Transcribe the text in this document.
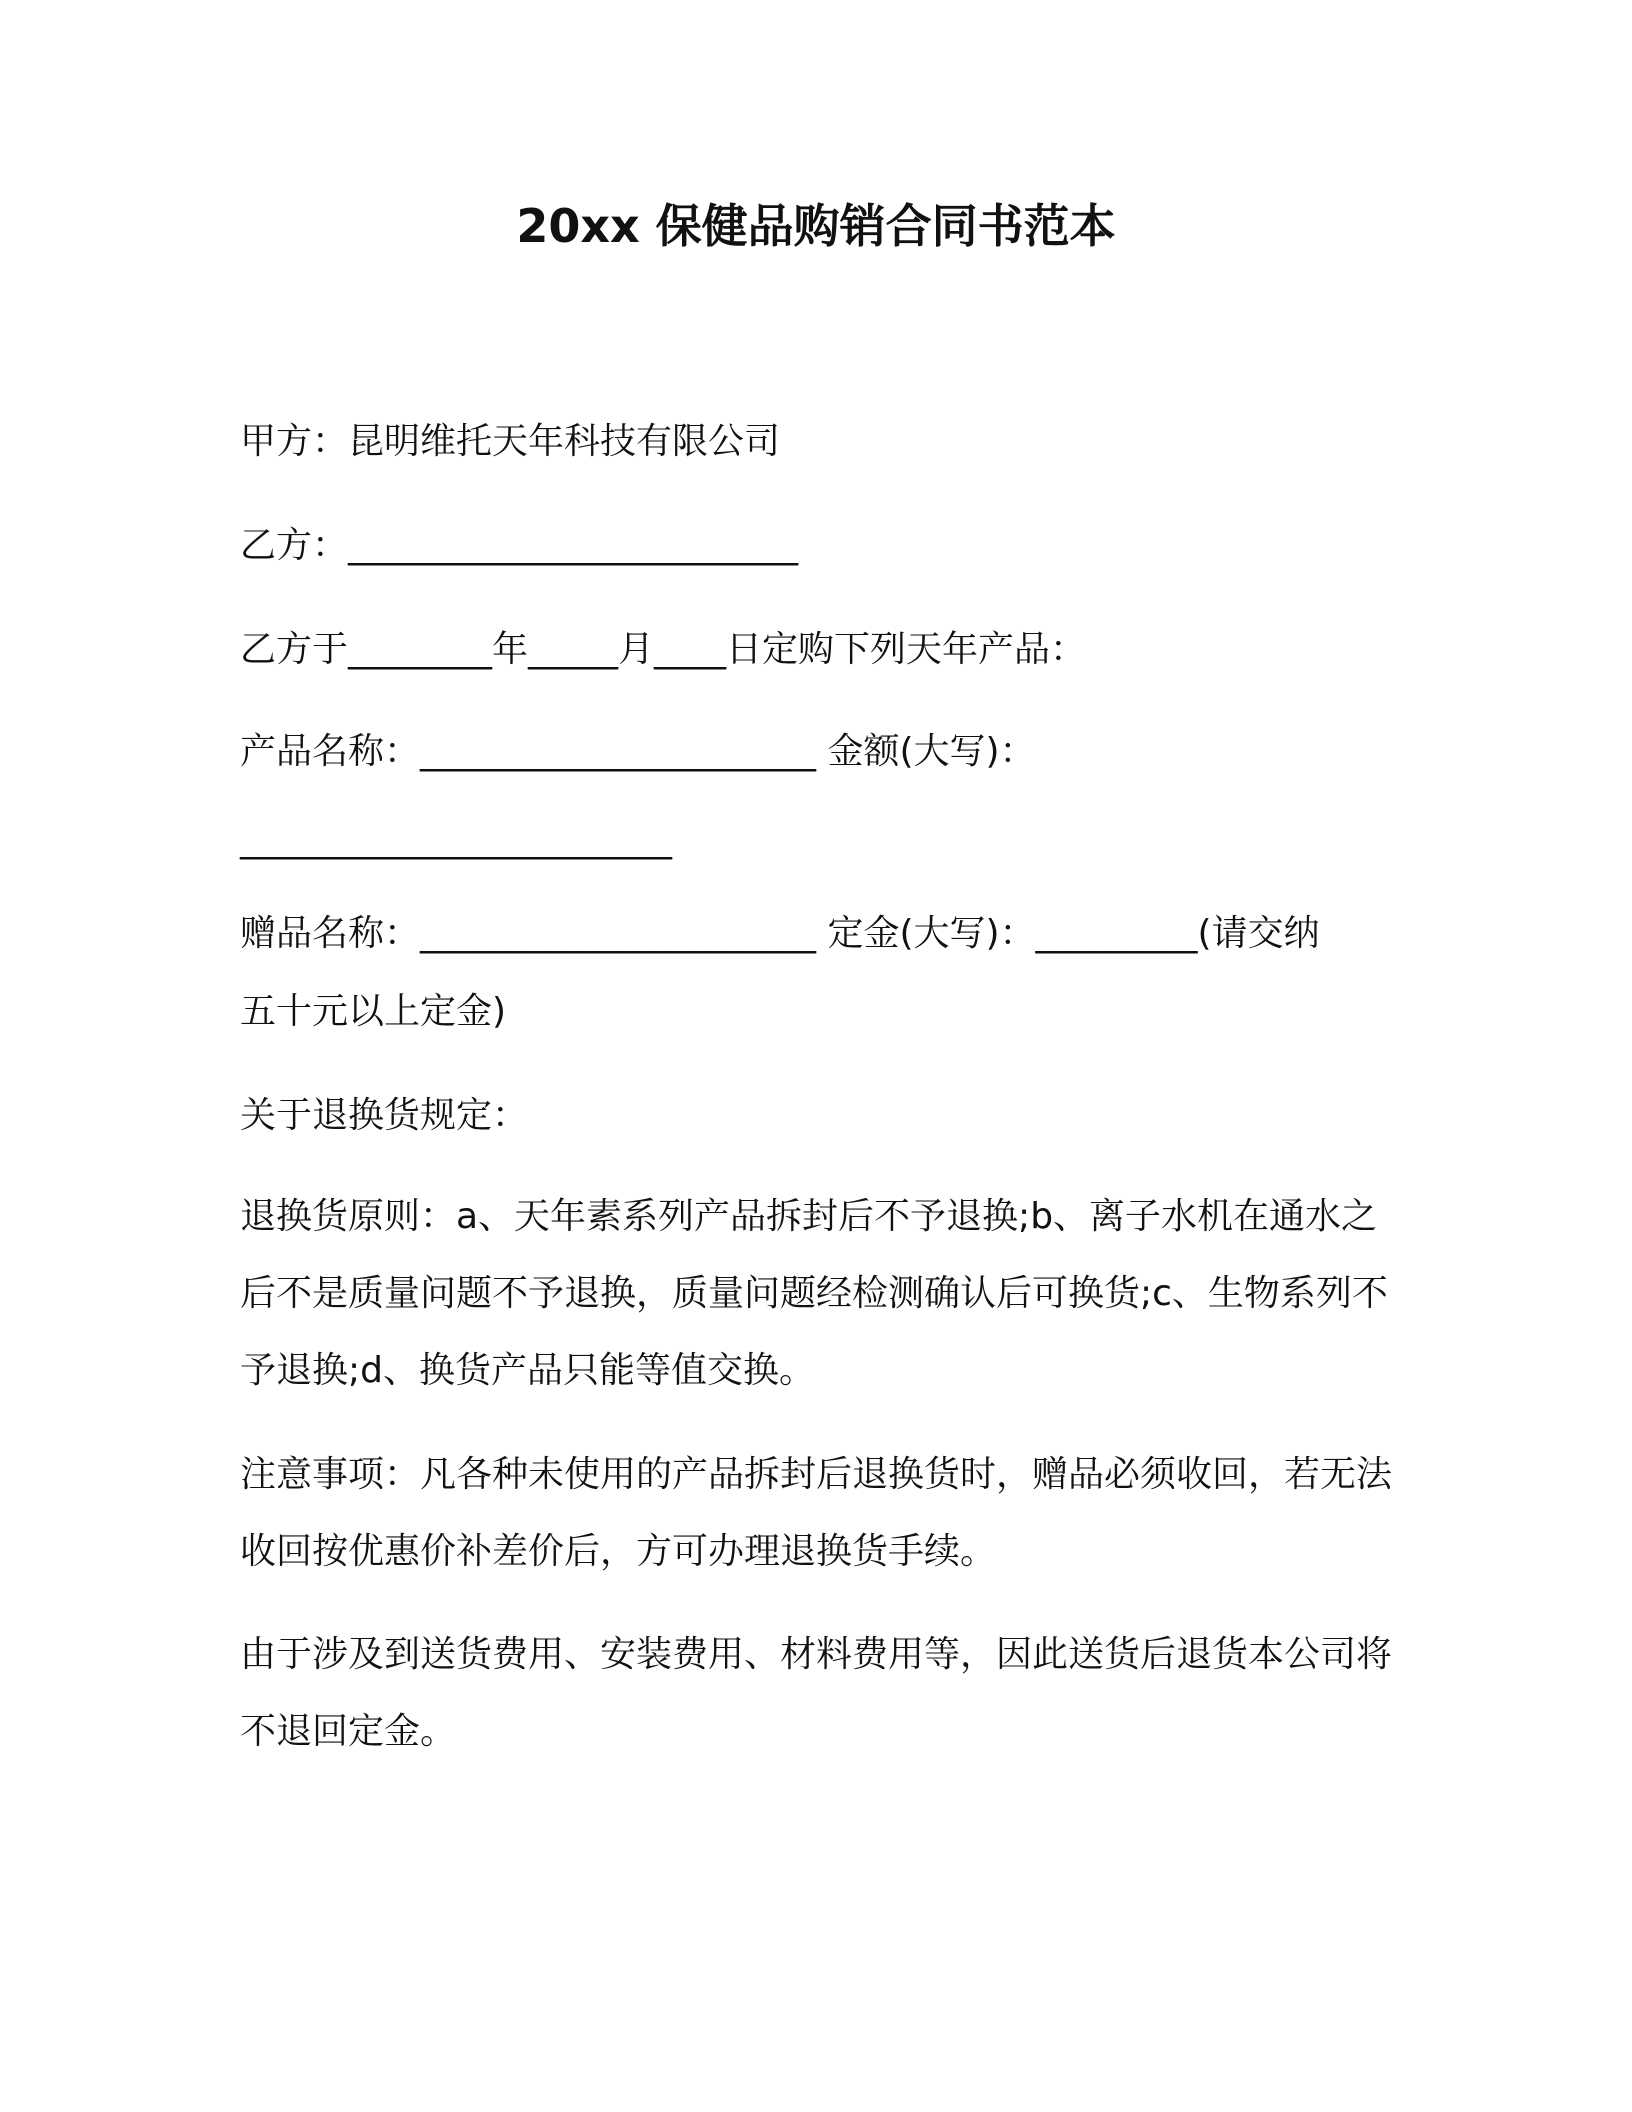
20xx 保健品购销合同书范本
甲方：昆明维托天年科技有限公司
乙方：_________________________
乙方于________年_____月____日定购下列天年产品：
产品名称：______________________ 金额(大写)：
________________________
赠品名称：______________________ 定金(大写)：_________(请交纳
五十元以上定金)
关于退换货规定：

退换货原则：a、天年素系列产品拆封后不予退换;b、离子水机在通水之后不是质量问题不予退换，质量问题经检测确认后可换货;c、生物系列不予退换;d、换货产品只能等值交换。

注意事项：凡各种未使用的产品拆封后退换货时，赠品必须收回，若无法收回按优惠价补差价后，方可办理退换货手续。

由于涉及到送货费用、安装费用、材料费用等，因此送货后退货本公司将不退回定金。
